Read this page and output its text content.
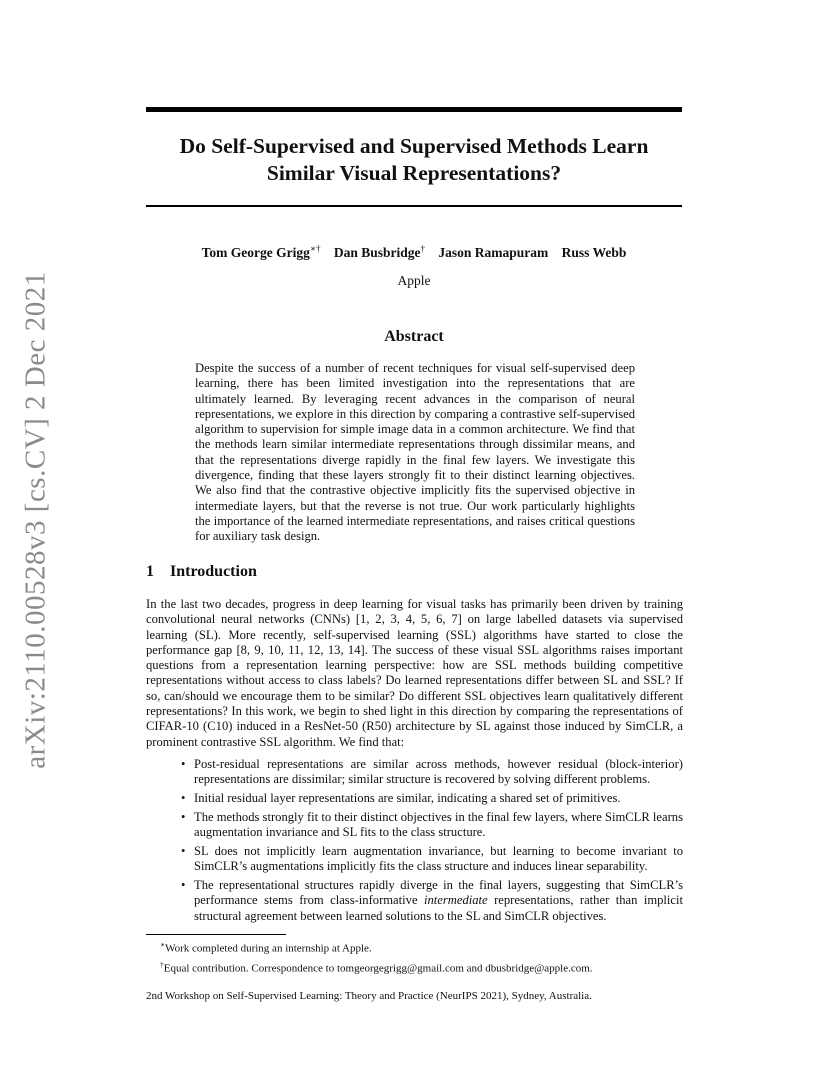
arXiv:2110.00528v3 [cs.CV] 2 Dec 2021
Do Self-Supervised and Supervised Methods Learn Similar Visual Representations?
Tom George Grigg∗† Dan Busbridge† Jason Ramapuram Russ Webb
Apple
Abstract
Despite the success of a number of recent techniques for visual self-supervised deep learning, there has been limited investigation into the representations that are ultimately learned. By leveraging recent advances in the comparison of neural representations, we explore in this direction by comparing a contrastive self-supervised algorithm to supervision for simple image data in a common architecture. We find that the methods learn similar intermediate representations through dissimilar means, and that the representations diverge rapidly in the final few layers. We investigate this divergence, finding that these layers strongly fit to their distinct learning objectives. We also find that the contrastive objective implicitly fits the supervised objective in intermediate layers, but that the reverse is not true. Our work particularly highlights the importance of the learned intermediate representations, and raises critical questions for auxiliary task design.
1 Introduction
In the last two decades, progress in deep learning for visual tasks has primarily been driven by training convolutional neural networks (CNNs) [1, 2, 3, 4, 5, 6, 7] on large labelled datasets via supervised learning (SL). More recently, self-supervised learning (SSL) algorithms have started to close the performance gap [8, 9, 10, 11, 12, 13, 14]. The success of these visual SSL algorithms raises important questions from a representation learning perspective: how are SSL methods building competitive representations without access to class labels? Do learned representations differ between SL and SSL? If so, can/should we encourage them to be similar? Do different SSL objectives learn qualitatively different representations? In this work, we begin to shed light in this direction by comparing the representations of CIFAR-10 (C10) induced in a ResNet-50 (R50) architecture by SL against those induced by SimCLR, a prominent contrastive SSL algorithm. We find that:
• Post-residual representations are similar across methods, however residual (block-interior) representations are dissimilar; similar structure is recovered by solving different problems.
• Initial residual layer representations are similar, indicating a shared set of primitives.
• The methods strongly fit to their distinct objectives in the final few layers, where SimCLR learns augmentation invariance and SL fits to the class structure.
• SL does not implicitly learn augmentation invariance, but learning to become invariant to SimCLR’s augmentations implicitly fits the class structure and induces linear separability.
• The representational structures rapidly diverge in the final layers, suggesting that SimCLR’s performance stems from class-informative intermediate representations, rather than implicit structural agreement between learned solutions to the SL and SimCLR objectives.
∗Work completed during an internship at Apple.
†Equal contribution. Correspondence to tomgeorgegrigg@gmail.com and dbusbridge@apple.com.
2nd Workshop on Self-Supervised Learning: Theory and Practice (NeurIPS 2021), Sydney, Australia.
